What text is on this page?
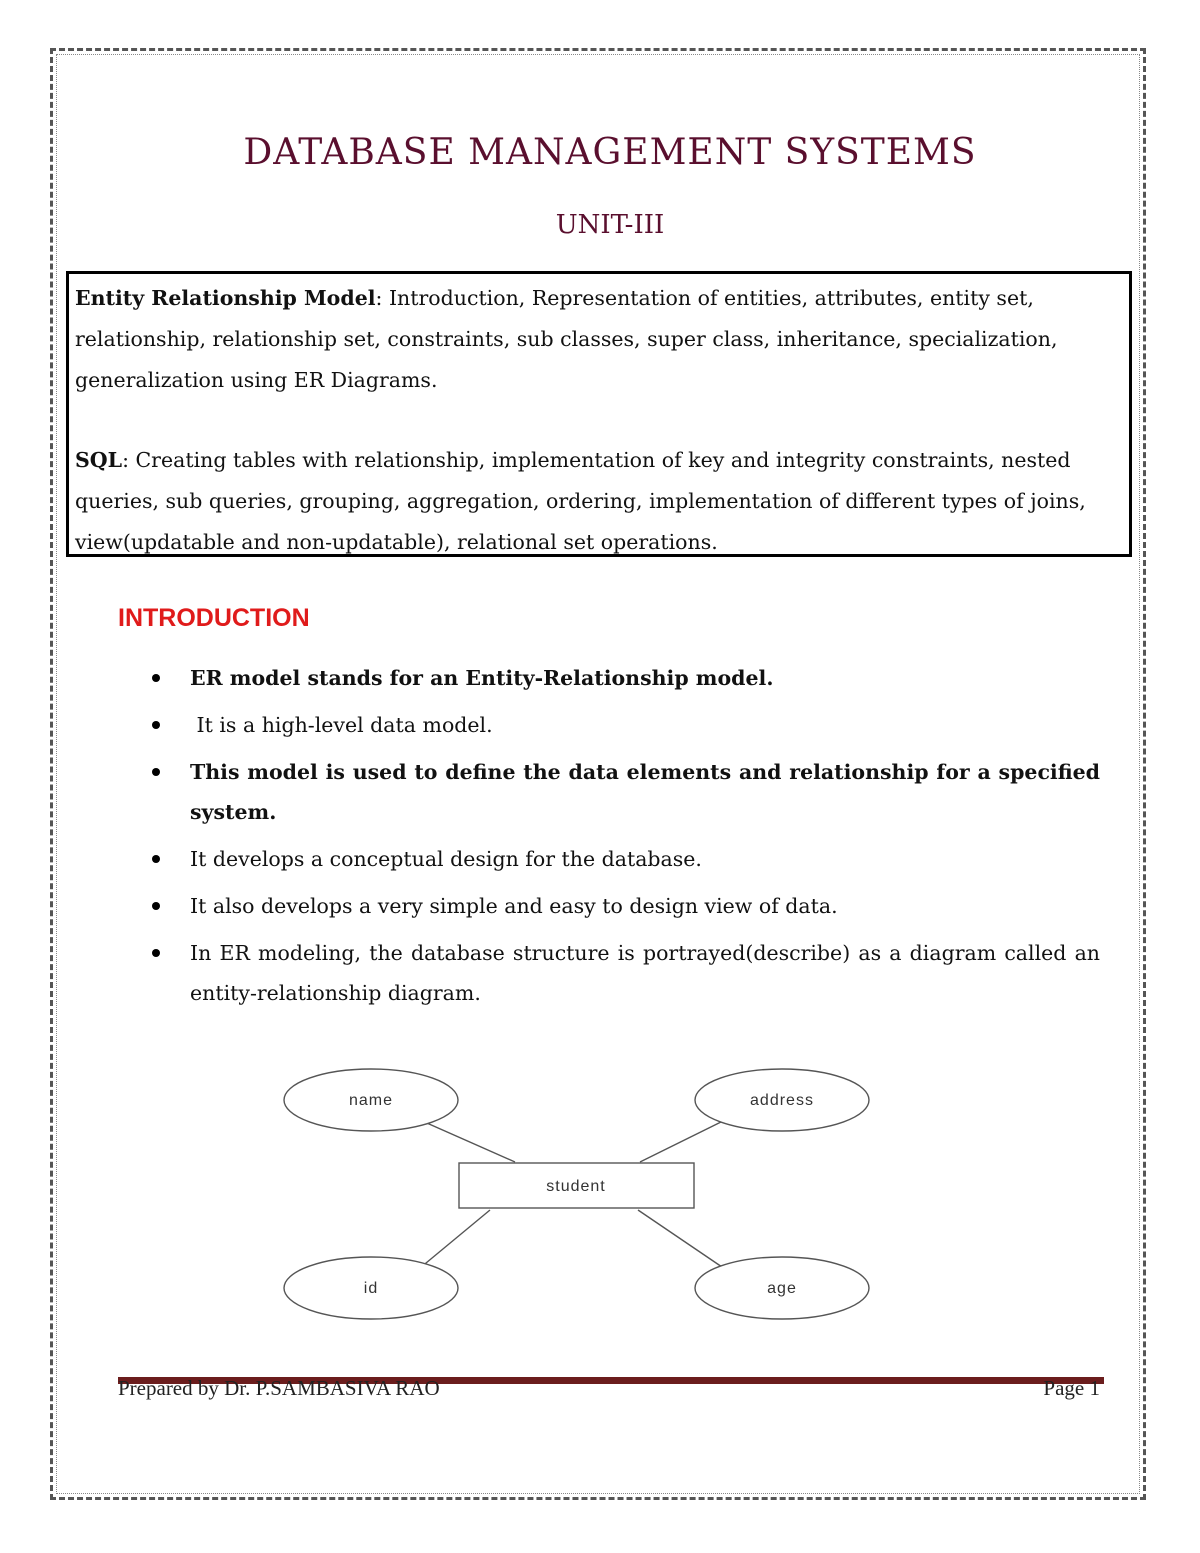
DATABASE MANAGEMENT SYSTEMS
UNIT-III

Entity Relationship Model: Introduction, Representation of entities, attributes, entity set, relationship, relationship set, constraints, sub classes, super class, inheritance, specialization, generalization using ER Diagrams.

SQL: Creating tables with relationship, implementation of key and integrity constraints, nested queries, sub queries, grouping, aggregation, ordering, implementation of different types of joins, view(updatable and non-updatable), relational set operations.

INTRODUCTION
ER model stands for an Entity-Relationship model.
It is a high-level data model.
This model is used to define the data elements and relationship for a specified system.
It develops a conceptual design for the database.
It also develops a very simple and easy to design view of data.
In ER modeling, the database structure is portrayed(describe) as a diagram called an entity-relationship diagram.
name	address
id	age
student
Prepared by Dr. P.SAMBASIVA RAO	Page 1
